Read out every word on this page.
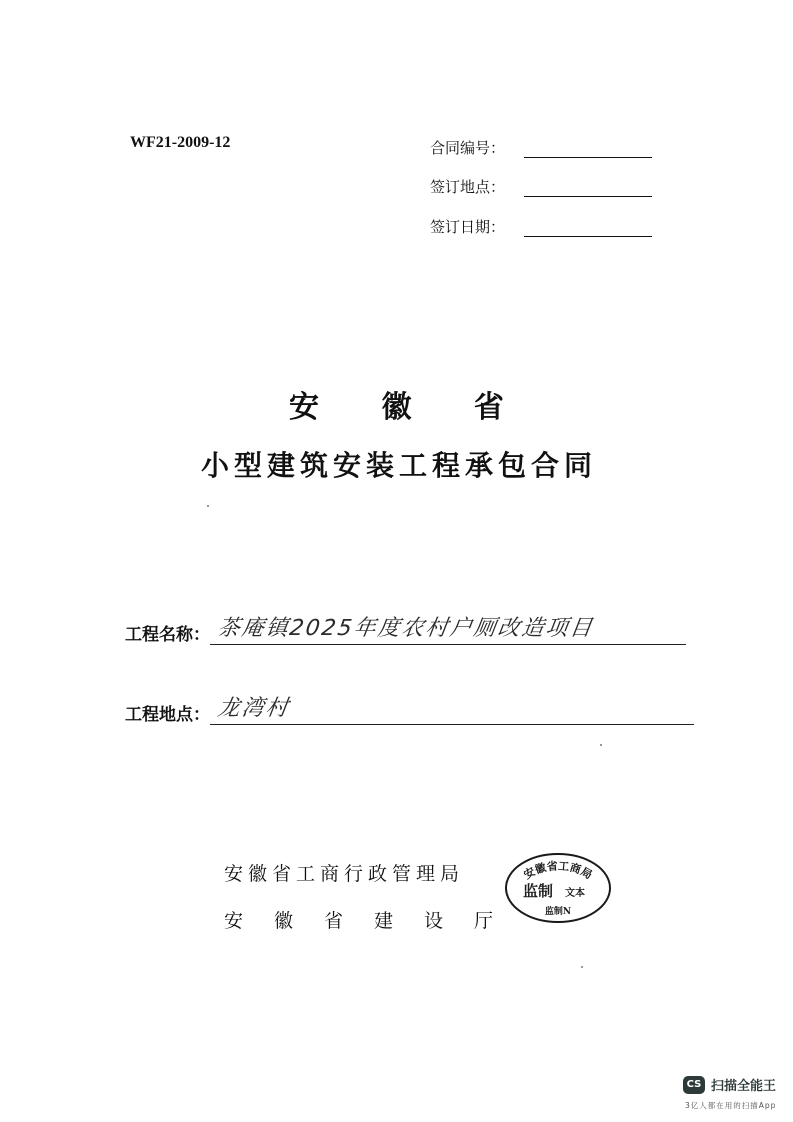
WF21-2009-12	合同编号：
签订地点：
签订日期：
安 徽 省
小型建筑安装工程承包合同
工程名称： 茶庵镇2025年度农村户厕改造项目
工程地点： 龙湾村
安徽省工商行政管理局
安徽省建设厅
安徽省工商局
监制 文本
监制N
CS 扫描全能王
3亿人都在用的扫描App
